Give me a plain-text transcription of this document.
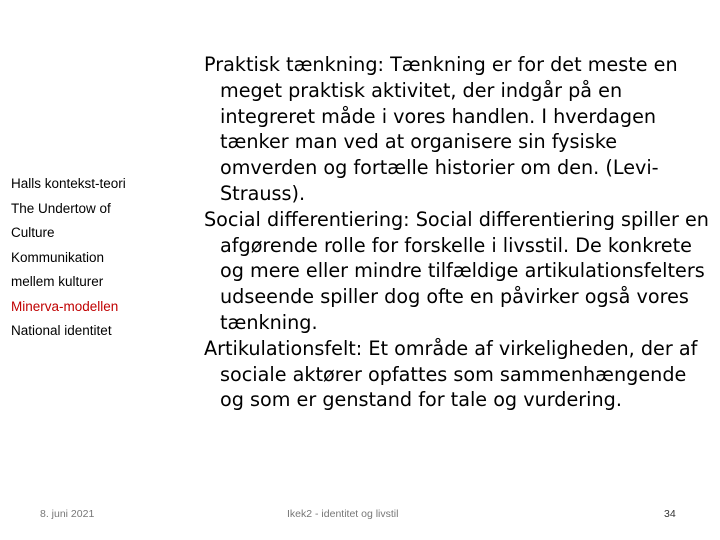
Halls kontekst-teori
The Undertow of
Culture
Kommunikation
mellem kulturer
Minerva-modellen
National identitet

Praktisk tænkning: Tænkning er for det meste en meget praktisk aktivitet, der indgår på en integreret måde i vores handlen. I hverdagen tænker man ved at organisere sin fysiske omverden og fortælle historier om den. (Levi-Strauss).

Social differentiering: Social differentiering spiller en afgørende rolle for forskelle i livsstil. De konkrete og mere eller mindre tilfældige artikulationsfelters udseende spiller dog ofte en påvirker også vores tænkning.

Artikulationsfelt: Et område af virkeligheden, der af sociale aktører opfattes som sammenhængende og som er genstand for tale og vurdering.

8. juni 2021	Ikek2 - identitet og livstil	34
